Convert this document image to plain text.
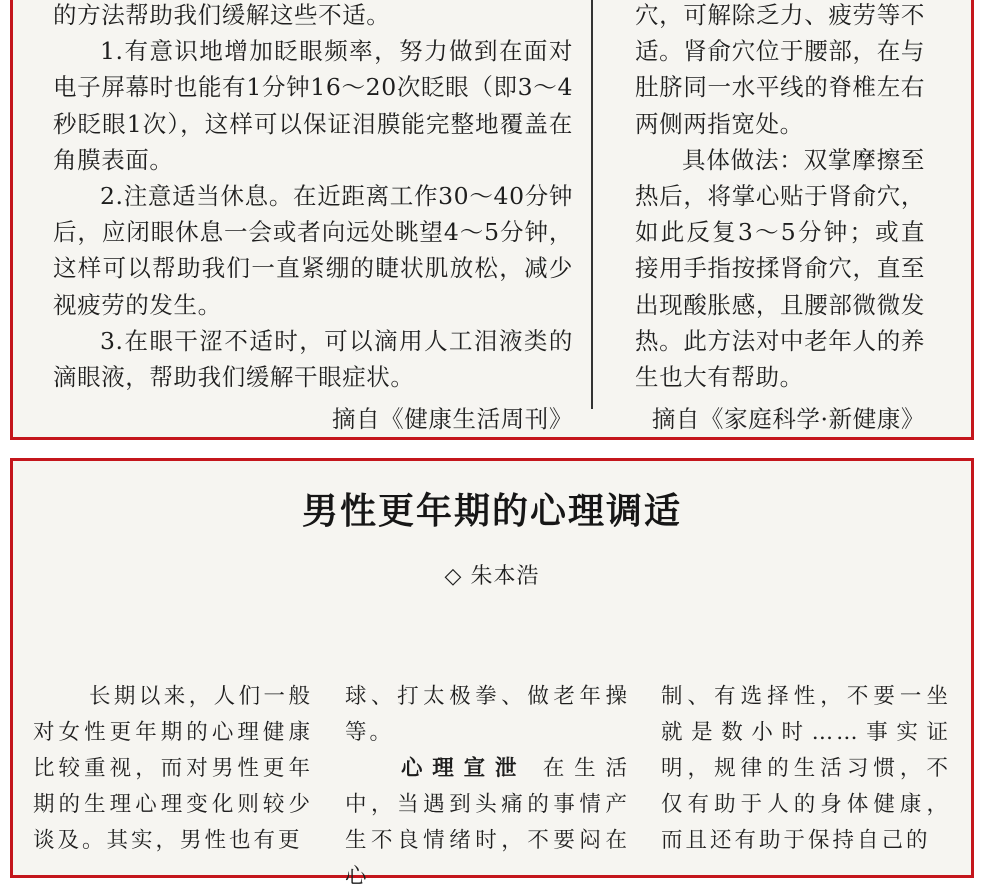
的方法帮助我们缓解这些不适。

1.有意识地增加眨眼频率，努力做到在面对电子屏幕时也能有1分钟16～20次眨眼（即3～4秒眨眼1次），这样可以保证泪膜能完整地覆盖在角膜表面。

2.注意适当休息。在近距离工作30～40分钟后，应闭眼休息一会或者向远处眺望4～5分钟，这样可以帮助我们一直紧绷的睫状肌放松，减少视疲劳的发生。

3.在眼干涩不适时，可以滴用人工泪液类的滴眼液，帮助我们缓解干眼症状。

摘自《健康生活周刊》

穴，可解除乏力、疲劳等不适。肾俞穴位于腰部，在与肚脐同一水平线的脊椎左右两侧两指宽处。

具体做法：双掌摩擦至热后，将掌心贴于肾俞穴，如此反复3～5分钟；或直接用手指按揉肾俞穴，直至出现酸胀感，且腰部微微发热。此方法对中老年人的养生也大有帮助。

摘自《家庭科学·新健康》

男性更年期的心理调适
◇ 朱本浩

长期以来，人们一般对女性更年期的心理健康比较重视，而对男性更年期的生理心理变化则较少谈及。其实，男性也有更

球、打太极拳、做老年操等。

心理宣泄 在生活中，当遇到头痛的事情产生不良情绪时，不要闷在心

制、有选择性，不要一坐就是数小时……事实证明，规律的生活习惯，不仅有助于人的身体健康，而且还有助于保持自己的
